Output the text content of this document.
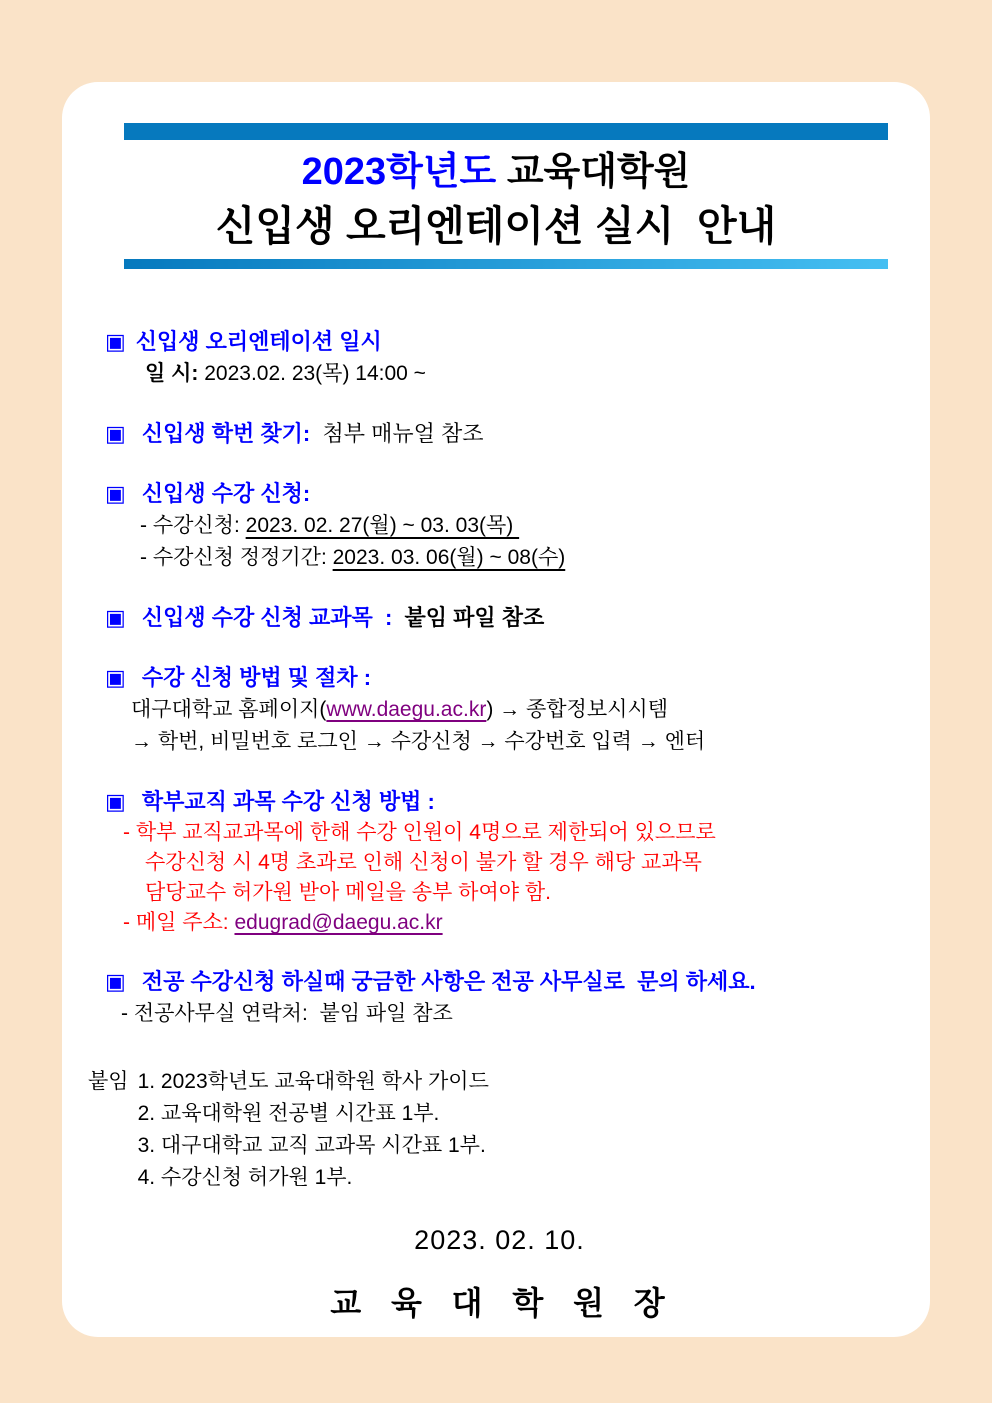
2023학년도 교육대학원
신입생 오리엔테이션 실시  안내
▣ 신입생 오리엔테이션 일시
일 시: 2023.02. 23(목) 14:00 ~
▣ 신입생 학번 찾기:  첨부 매뉴얼 참조
▣ 신입생 수강 신청:
- 수강신청: 2023. 02. 27(월) ~ 03. 03(목)
- 수강신청 정정기간: 2023. 03. 06(월) ~ 08(수)
▣ 신입생 수강 신청 교과목  :  붙임 파일 참조
▣ 수강 신청 방법 및 절차 :
대구대학교 홈페이지(www.daegu.ac.kr) → 종합정보시시템
→ 학번, 비밀번호 로그인 → 수강신청 → 수강번호 입력 → 엔터
▣ 학부교직 과목 수강 신청 방법 :
- 학부 교직교과목에 한해 수강 인원이 4명으로 제한되어 있으므로
수강신청 시 4명 초과로 인해 신청이 불가 할 경우 해당 교과목
담당교수 허가원 받아 메일을 송부 하여야 함.
- 메일 주소: edugrad@daegu.ac.kr
▣ 전공 수강신청 하실때 궁금한 사항은 전공 사무실로  문의 하세요.
- 전공사무실 연락처:  붙임 파일 참조
붙임 1. 2023학년도 교육대학원 학사 가이드
2. 교육대학원 전공별 시간표 1부.
3. 대구대학교 교직 교과목 시간표 1부.
4. 수강신청 허가원 1부.
2023. 02. 10.
교  육  대  학  원  장
